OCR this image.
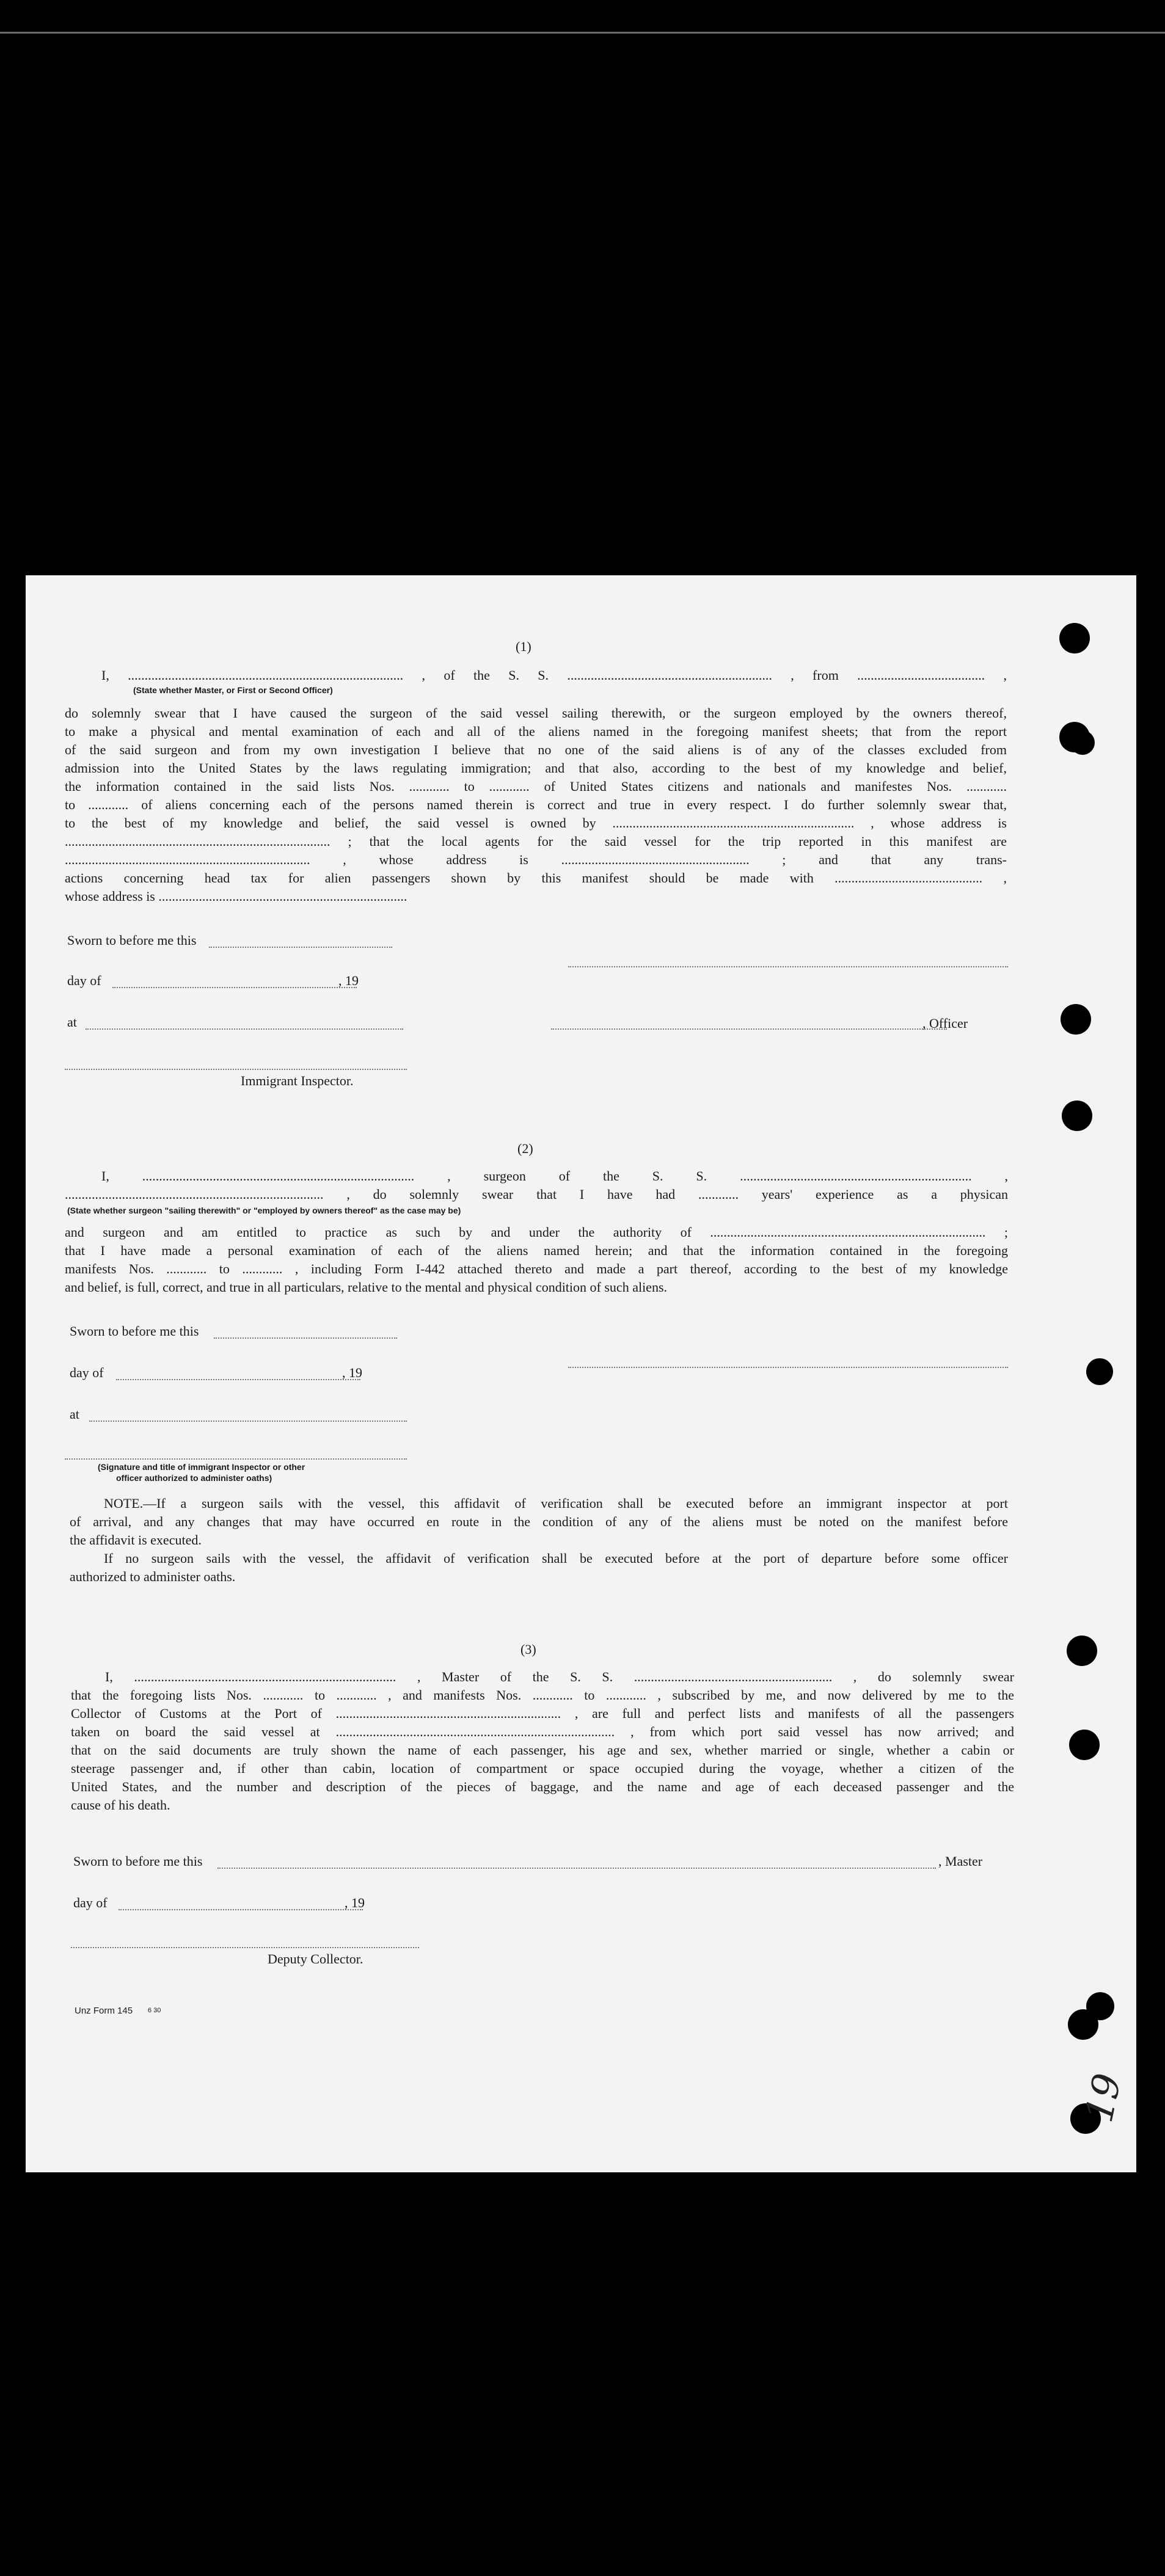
(1)
I, .................................................................................. , of the S. S. ............................................................. , from ...................................... ,
(State whether Master, or First or Second Officer)
do solemnly swear that I have caused the surgeon of the said vessel sailing therewith, or the surgeon employed by the owners thereof,
to make a physical and mental examination of each and all of the aliens named in the foregoing manifest sheets; that from the report
of the said surgeon and from my own investigation I believe that no one of the said aliens is of any of the classes excluded from
admission into the United States by the laws regulating immigration; and that also, according to the best of my knowledge and belief,
the information contained in the said lists Nos. ............ to ............ of United States citizens and nationals and manifestes Nos. ............
to ............ of aliens concerning each of the persons named therein is correct and true in every respect. I do further solemnly swear that,
to the best of my knowledge and belief, the said vessel is owned by ........................................................................ , whose address is
............................................................................... ; that the local agents for the said vessel for the trip reported in this manifest are
......................................................................... , whose address is ........................................................ ; and that any trans-
actions concerning head tax for alien passengers shown by this manifest should be made with ............................................ ,
whose address is ..........................................................................
Sworn to before me this
day of	, 19
at	, Officer
Immigrant Inspector.
(2)
I, ................................................................................. , surgeon of the S. S. ..................................................................... ,
............................................................................. , do solemnly swear that I have had ............ years' experience as a physican
(State whether surgeon "sailing therewith" or "employed by owners thereof" as the case may be)
and surgeon and am entitled to practice as such by and under the authority of .................................................................................. ;
that I have made a personal examination of each of the aliens named herein; and that the information contained in the foregoing
manifests Nos. ............ to ............ , including Form I-442 attached thereto and made a part thereof, according to the best of my knowledge
and belief, is full, correct, and true in all particulars, relative to the mental and physical condition of such aliens.
Sworn to before me this
day of	, 19
at
(Signature and title of immigrant Inspector or other
officer authorized to administer oaths)
NOTE.—If a surgeon sails with the vessel, this affidavit of verification shall be executed before an immigrant inspector at port
of arrival, and any changes that may have occurred en route in the condition of any of the aliens must be noted on the manifest before
the affidavit is executed.
If no surgeon sails with the vessel, the affidavit of verification shall be executed before at the port of departure before some officer
authorized to administer oaths.
(3)
I, .............................................................................. , Master of the S. S. ........................................................... , do solemnly swear
that the foregoing lists Nos. ............ to ............ , and manifests Nos. ............ to ............ , subscribed by me, and now delivered by me to the
Collector of Customs at the Port of ................................................................... , are full and perfect lists and manifests of all the passengers
taken on board the said vessel at ................................................................................... , from which port said vessel has now arrived; and
that on the said documents are truly shown the name of each passenger, his age and sex, whether married or single, whether a cabin or
steerage passenger and, if other than cabin, location of compartment or space occupied during the voyage, whether a citizen of the
United States, and the number and description of the pieces of baggage, and the name and age of each deceased passenger and the
cause of his death.
Sworn to before me this	, Master
day of	, 19
Deputy Collector.
Unz Form 145 6 30
19
